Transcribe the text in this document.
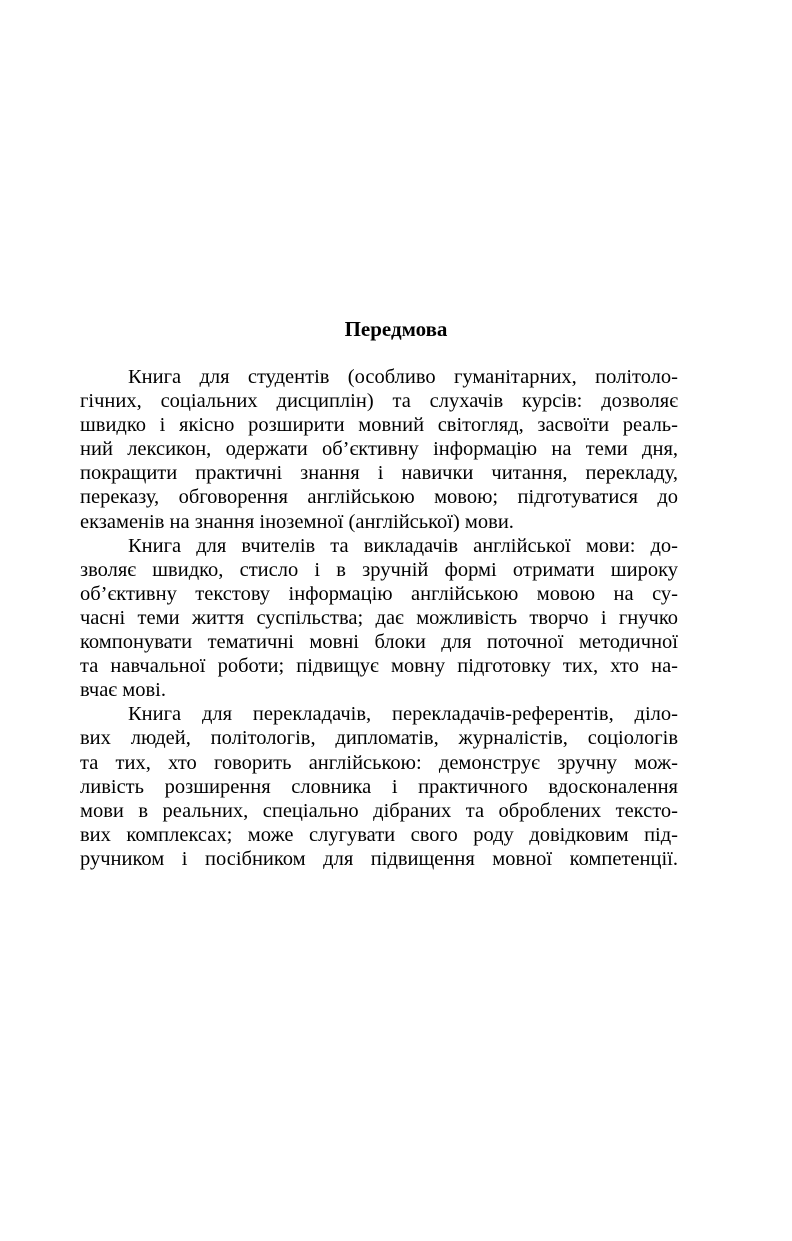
Передмова
Книга для студентів (особливо гуманітарних, політоло-
гічних, соціальних дисциплін) та слухачів курсів: дозволяє
швидко і якісно розширити мовний світогляд, засвоїти реаль-
ний лексикон, одержати об’єктивну інформацію на теми дня,
покращити практичні знання і навички читання, перекладу,
переказу, обговорення англійською мовою; підготуватися до
екзаменів на знання іноземної (англійської) мови.
Книга для вчителів та викладачів англійської мови: до-
зволяє швидко, стисло і в зручній формі отримати широку
об’єктивну текстову інформацію англійською мовою на су-
часні теми життя суспільства; дає можливість творчо і гнучко
компонувати тематичні мовні блоки для поточної методичної
та навчальної роботи; підвищує мовну підготовку тих, хто на-
вчає мові.
Книга для перекладачів, перекладачів-референтів, ділo-
вих людей, політологів, дипломатів, журналістів, соціологів
та тих, хто говорить англійською: демонструє зручну мож-
ливість розширення словника і практичного вдосконалення
мови в реальних, спеціально дібраних та оброблених тексто-
вих комплексах; може слугувати свого роду довідковим під-
ручником і посібником для підвищення мовної компетенції.
